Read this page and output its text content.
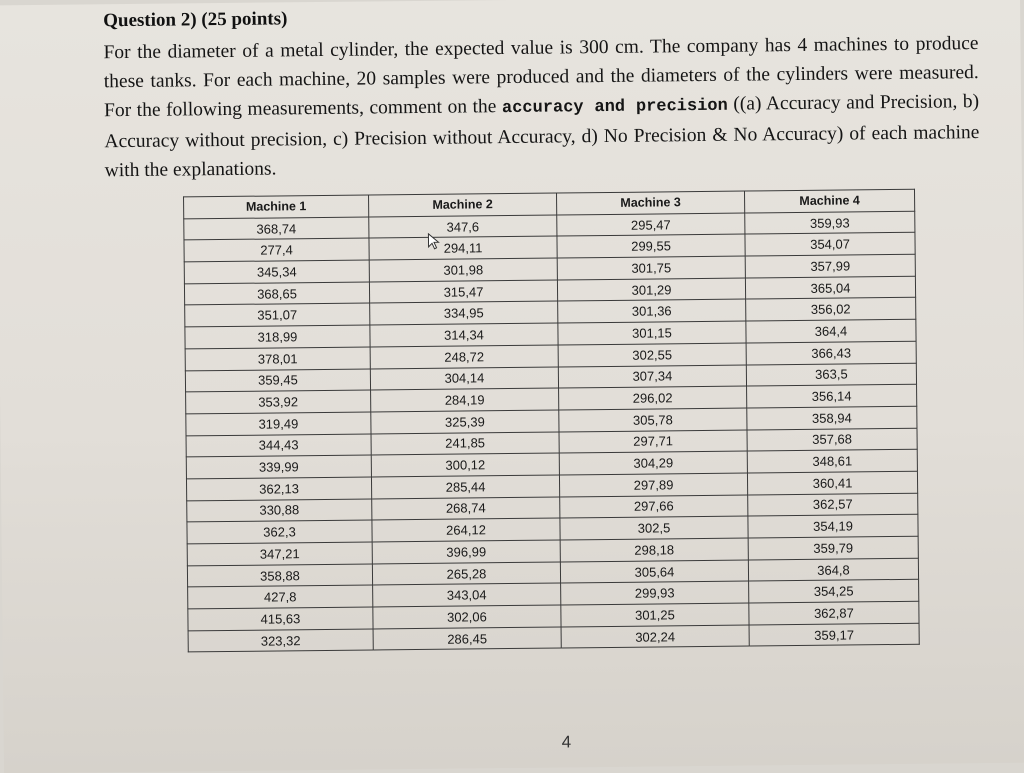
Question 2) (25 points)
For the diameter of a metal cylinder, the expected value is 300 cm. The company has 4 machines to produce these tanks. For each machine, 20 samples were produced and the diameters of the cylinders were measured. For the following measurements, comment on the accuracy and precision ((a) Accuracy and Precision, b) Accuracy without precision, c) Precision without Accuracy, d) No Precision & No Accuracy) of each machine with the explanations.
Machine 1	Machine 2	Machine 3	Machine 4
368,74	347,6	295,47	359,93
277,4	294,11	299,55	354,07
345,34	301,98	301,75	357,99
368,65	315,47	301,29	365,04
351,07	334,95	301,36	356,02
318,99	314,34	301,15	364,4
378,01	248,72	302,55	366,43
359,45	304,14	307,34	363,5
353,92	284,19	296,02	356,14
319,49	325,39	305,78	358,94
344,43	241,85	297,71	357,68
339,99	300,12	304,29	348,61
362,13	285,44	297,89	360,41
330,88	268,74	297,66	362,57
362,3	264,12	302,5	354,19
347,21	396,99	298,18	359,79
358,88	265,28	305,64	364,8
427,8	343,04	299,93	354,25
415,63	302,06	301,25	362,87
323,32	286,45	302,24	359,17
4
